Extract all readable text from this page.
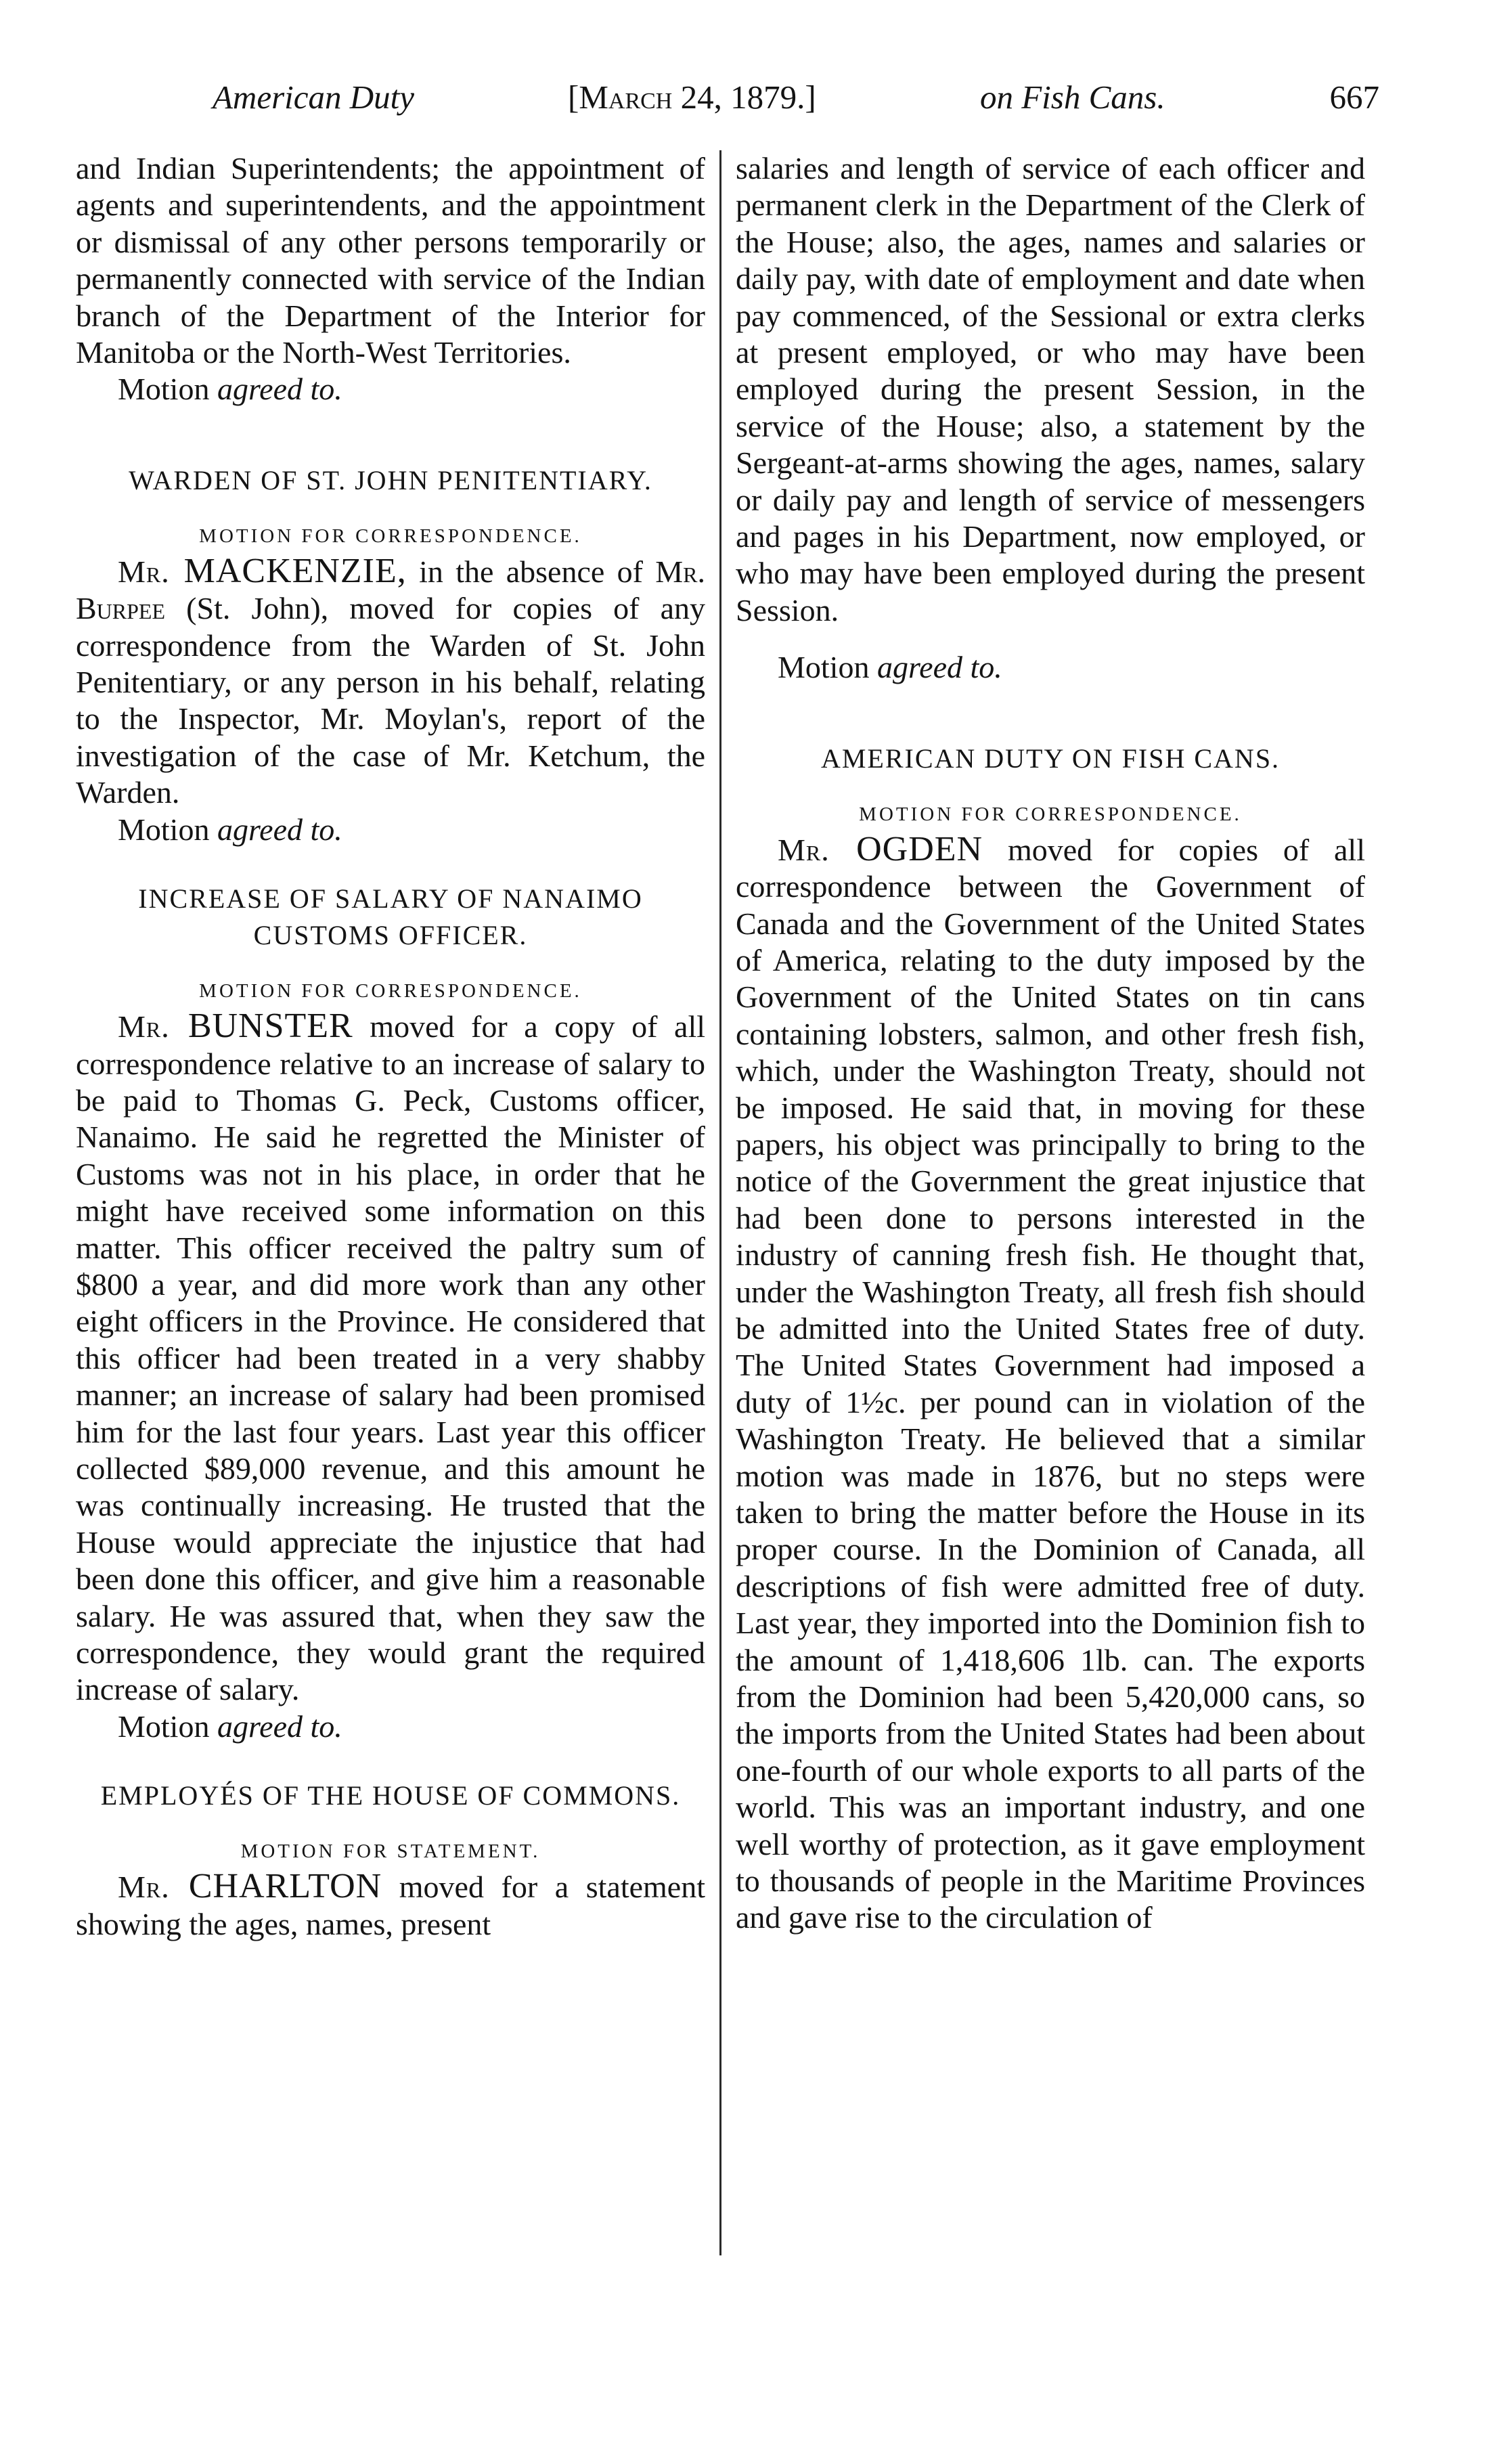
American Duty	[March 24, 1879.]	on Fish Cans.	667

and Indian Superintendents; the appointment of agents and superintendents, and the appointment or dismissal of any other persons temporarily or permanently connected with service of the Indian branch of the Department of the Interior for Manitoba or the North-West Territories.

Motion agreed to.

WARDEN OF ST. JOHN PENITENTIARY.
MOTION FOR CORRESPONDENCE.

Mr. MACKENZIE, in the absence of Mr. Burpee (St. John), moved for copies of any correspondence from the Warden of St. John Penitentiary, or any person in his behalf, relating to the Inspector, Mr. Moylan's, report of the investigation of the case of Mr. Ketchum, the Warden.

Motion agreed to.

INCREASE OF SALARY OF NANAIMO CUSTOMS OFFICER.
MOTION FOR CORRESPONDENCE.

Mr. BUNSTER moved for a copy of all correspondence relative to an increase of salary to be paid to Thomas G. Peck, Customs officer, Nanaimo. He said he regretted the Minister of Customs was not in his place, in order that he might have received some information on this matter. This officer received the paltry sum of $800 a year, and did more work than any other eight officers in the Province. He considered that this officer had been treated in a very shabby manner; an increase of salary had been promised him for the last four years. Last year this officer collected $89,000 revenue, and this amount he was continually increasing. He trusted that the House would appreciate the injustice that had been done this officer, and give him a reasonable salary. He was assured that, when they saw the correspondence, they would grant the required increase of salary.

Motion agreed to.

EMPLOYÉS OF THE HOUSE OF COMMONS.
MOTION FOR STATEMENT.

Mr. CHARLTON moved for a statement showing the ages, names, present

salaries and length of service of each officer and permanent clerk in the Department of the Clerk of the House; also, the ages, names and salaries or daily pay, with date of employment and date when pay commenced, of the Sessional or extra clerks at present employed, or who may have been employed during the present Session, in the service of the House; also, a statement by the Sergeant-at-arms showing the ages, names, salary or daily pay and length of service of messengers and pages in his Department, now employed, or who may have been employed during the present Session.

Motion agreed to.

AMERICAN DUTY ON FISH CANS.
MOTION FOR CORRESPONDENCE.

Mr. OGDEN moved for copies of all correspondence between the Government of Canada and the Government of the United States of America, relating to the duty imposed by the Government of the United States on tin cans containing lobsters, salmon, and other fresh fish, which, under the Washington Treaty, should not be imposed. He said that, in moving for these papers, his object was principally to bring to the notice of the Government the great injustice that had been done to persons interested in the industry of canning fresh fish. He thought that, under the Washington Treaty, all fresh fish should be admitted into the United States free of duty. The United States Government had imposed a duty of 1½c. per pound can in violation of the Washington Treaty. He believed that a similar motion was made in 1876, but no steps were taken to bring the matter before the House in its proper course. In the Dominion of Canada, all descriptions of fish were admitted free of duty. Last year, they imported into the Dominion fish to the amount of 1,418,606 1lb. can. The exports from the Dominion had been 5,420,000 cans, so the imports from the United States had been about one-fourth of our whole exports to all parts of the world. This was an important industry, and one well worthy of protection, as it gave employment to thousands of people in the Maritime Provinces and gave rise to the circulation of
